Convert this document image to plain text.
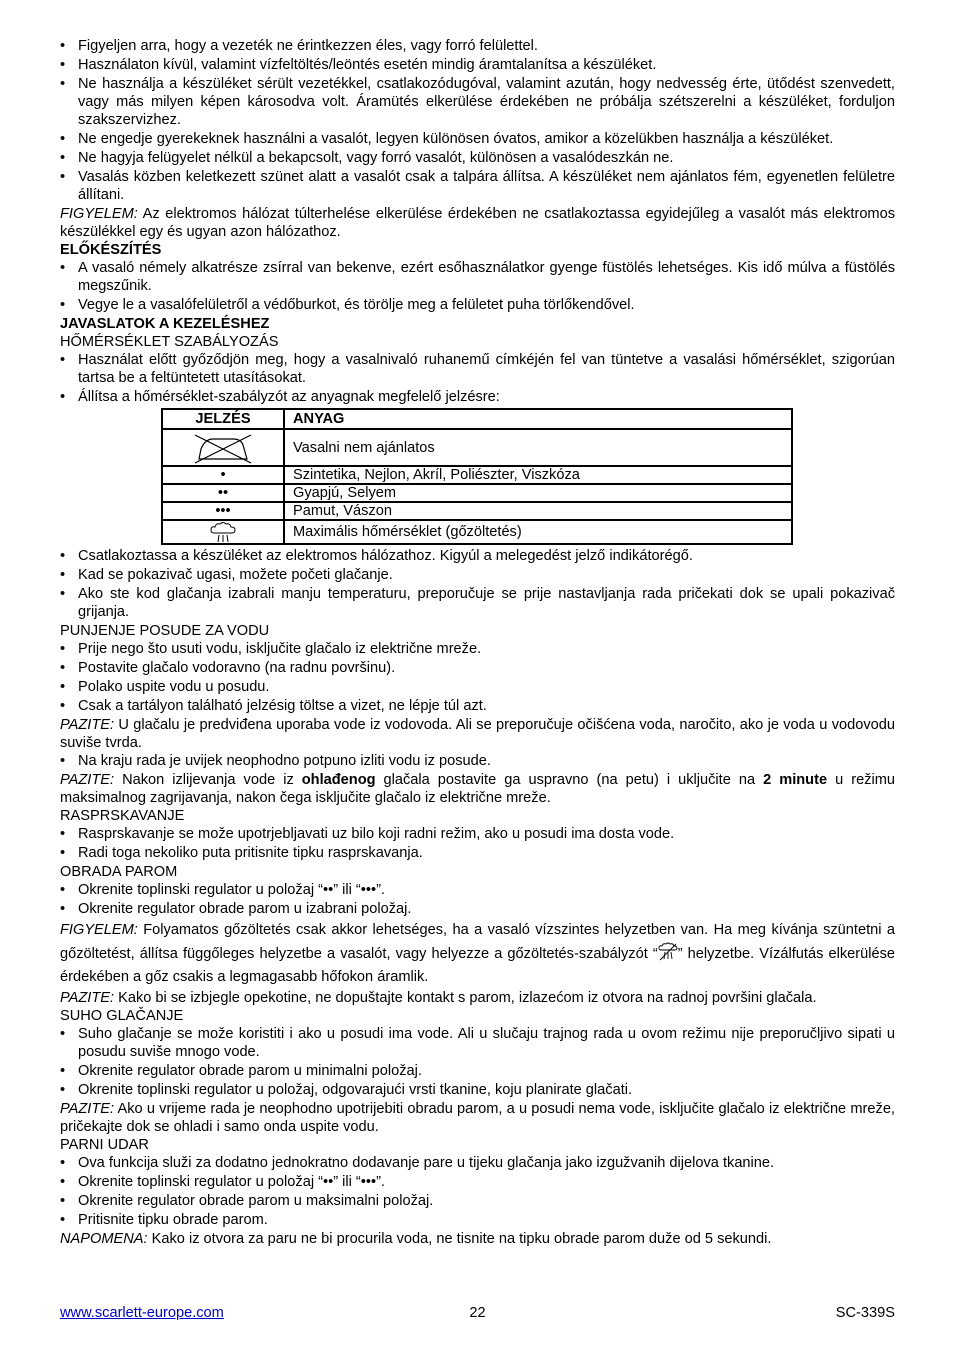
• Figyeljen arra, hogy a vezeték ne érintkezzen éles, vagy forró felülettel.
• Használaton kívül, valamint vízfeltöltés/leöntés esetén mindig áramtalanítsa a készüléket.
• Ne használja a készüléket sérült vezetékkel, csatlakozódugóval, valamint azután, hogy nedvesség érte, ütődést szenvedett, vagy más milyen képen károsodva volt. Áramütés elkerülése érdekében ne próbálja szétszerelni a készüléket, forduljon szakszervizhez.
• Ne engedje gyerekeknek használni a vasalót, legyen különösen óvatos, amikor a közelükben használja a készüléket.
• Ne hagyja felügyelet nélkül a bekapcsolt, vagy forró vasalót, különösen a vasalódeszkán ne.
• Vasalás közben keletkezett szünet alatt a vasalót csak a talpára állítsa. A készüléket nem ajánlatos fém, egyenetlen felületre állítani.

FIGYELEM: Az elektromos hálózat túlterhelése elkerülése érdekében ne csatlakoztassa egyidejűleg a vasalót más elektromos készülékkel egy és ugyan azon hálózathoz.

ELŐKÉSZÍTÉS

• A vasaló némely alkatrésze zsírral van bekenve, ezért esőhasználatkor gyenge füstölés lehetséges. Kis idő múlva a füstölés megszűnik.
• Vegye le a vasalófelületről a védőburkot, és törölje meg a felületet puha törlőkendővel.

JAVASLATOK A KEZELÉSHEZ

HŐMÉRSÉKLET SZABÁLYOZÁS

• Használat előtt győződjön meg, hogy a vasalnivaló ruhanemű címkéjén fel van tüntetve a vasalási hőmérséklet, szigorúan tartsa be a feltüntetett utasításokat.
• Állítsa a hőmérséklet-szabályzót az anyagnak megfelelő jelzésre:
JELZÉS	ANYAG

	Vasalni nem ajánlatos
•	Szintetika, Nejlon, Akríl, Poliészter, Viszkóza
••	Gyapjú, Selyem
•••	Pamut, Vászon

	Maximális hőmérséklet (gőzöltetés)
• Csatlakoztassa a készüléket az elektromos hálózathoz. Kigyúl a melegedést jelző indikátorégő.
• Kad se pokazivač ugasi, možete početi glačanje.
• Ako ste kod glačanja izabrali manju temperaturu, preporučuje se prije nastavljanja rada pričekati dok se upali pokazivač grijanja.

PUNJENJE POSUDE ZA VODU

• Prije nego što usuti vodu, isključite glačalo iz električne mreže.
• Postavite glačalo vodoravno (na radnu površinu).
• Polako uspite vodu u posudu.
• Csak a tartályon található jelzésig töltse a vizet, ne lépje túl azt.

PAZITE: U glačalu je predviđena uporaba vode iz vodovoda. Ali se preporučuje očišćena voda, naročito, ako je voda u vodovodu suviše tvrda.

• Na kraju rada je uvijek neophodno potpuno izliti vodu iz posude.

PAZITE: Nakon izlijevanja vode iz ohlađenog glačala postavite ga uspravno (na petu) i uključite na 2 minute u režimu maksimalnog zagrijavanja, nakon čega isključite glačalo iz električne mreže.

RASPRSKAVANJE

• Rasprskavanje se može upotrjebljavati uz bilo koji radni režim, ako u posudi ima dosta vode.
• Radi toga nekoliko puta pritisnite tipku rasprskavanja.

OBRADA PAROM

• Okrenite toplinski regulator u položaj “••” ili “•••”.
• Okrenite regulator obrade parom u izabrani položaj.

FIGYELEM: Folyamatos gőzöltetés csak akkor lehetséges, ha a vasaló vízszintes helyzetben van. Ha meg kívánja szüntetni a gőzöltetést, állítsa függőleges helyzetbe a vasalót, vagy helyezze a gőzöltetés-szabályzót “ ” helyzetbe. Vízálfutás elkerülése érdekében a gőz csakis a legmagasabb hőfokon áramlik.

PAZITE: Kako bi se izbjegle opekotine, ne dopuštajte kontakt s parom, izlazećom iz otvora na radnoj površini glačala.

SUHO GLAČANJE

• Suho glačanje se može koristiti i ako u posudi ima vode. Ali u slučaju trajnog rada u ovom režimu nije preporučljivo sipati u posudu suviše mnogo vode.
• Okrenite regulator obrade parom u minimalni položaj.
• Okrenite toplinski regulator u položaj, odgovarajući vrsti tkanine, koju planirate glačati.

PAZITE: Ako u vrijeme rada je neophodno upotrijebiti obradu parom, a u posudi nema vode, isključite glačalo iz električne mreže, pričekajte dok se ohladi i samo onda uspite vodu.

PARNI UDAR

• Ova funkcija služi za dodatno jednokratno dodavanje pare u tijeku glačanja jako izgužvanih dijelova tkanine.
• Okrenite toplinski regulator u položaj “••” ili “•••”.
• Okrenite regulator obrade parom u maksimalni položaj.
• Pritisnite tipku obrade parom.

NAPOMENA: Kako iz otvora za paru ne bi procurila voda, ne tisnite na tipku obrade parom duže od 5 sekundi.

22
www.scarlett-europe.com	SC-339S
